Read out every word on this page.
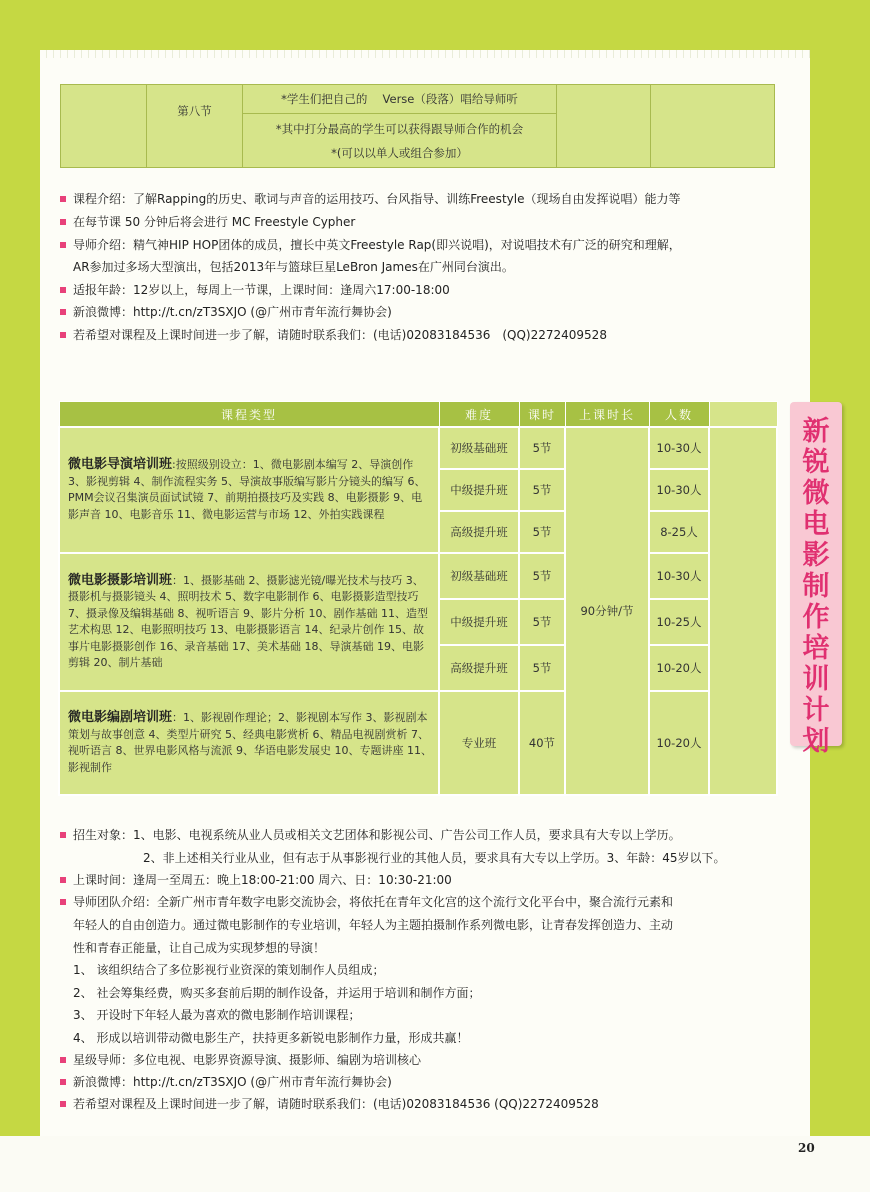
20
	第八节	*学生们把自己的　 Verse（段落）唱给导师听		

*其中打分最高的学生可以获得跟导师合作的机会
*(可以以单人或组合参加）
课程介绍：了解Rapping的历史、歌词与声音的运用技巧、台风指导、训练Freestyle（现场自由发挥说唱）能力等
在每节课 50 分钟后将会进行 MC Freestyle Cypher
导师介绍：精气神HIP HOP团体的成员，擅长中英文Freestyle Rap(即兴说唱)，对说唱技术有广泛的研究和理解，
AR参加过多场大型演出，包括2013年与篮球巨星LeBron James在广州同台演出。
适报年龄：12岁以上，每周上一节课，上课时间：逢周六17:00-18:00
新浪微博：http://t.cn/zT3SXJO (@广州市青年流行舞协会)
若希望对课程及上课时间进一步了解，请随时联系我们：(电话)02083184536　(QQ)2272409528
课程类型	难度	课时	上课时长	人数	
微电影导演培训班:按照级别设立：1、微电影剧本编写 2、导演创作 3、影视剪辑 4、制作流程实务 5、导演故事版编写影片分镜头的编写 6、PMM会议召集演员面试试镜 7、前期拍摄技巧及实践 8、电影摄影 9、电影声音 10、电影音乐 11、微电影运营与市场 12、外拍实践课程	初级基础班	5节	90分钟/节	10-30人	
	中级提升班	5节		10-30人	
	高级提升班	5节		8-25人	
微电影摄影培训班：1、摄影基础 2、摄影滤光镜/曝光技术与技巧 3、摄影机与摄影镜头 4、照明技术 5、数字电影制作 6、电影摄影造型技巧 7、摄录像及编辑基础 8、视听语言 9、影片分析 10、剧作基础 11、造型艺术构思 12、电影照明技巧 13、电影摄影语言 14、纪录片创作 15、故事片电影摄影创作 16、录音基础 17、美术基础 18、导演基础 19、电影剪辑 20、制片基础	初级基础班	5节		10-30人	
	中级提升班	5节		10-25人	
	高级提升班	5节		10-20人	
微电影编剧培训班：1、影视剧作理论；2、影视剧本写作 3、影视剧本策划与故事创意 4、类型片研究 5、经典电影赏析 6、精品电视剧赏析 7、视听语言 8、世界电影风格与流派 9、华语电影发展史 10、专题讲座 11、影视制作	专业班	40节		10-20人	
新
锐
微
电
影
制
作
培
训
计
划
招生对象：1、电影、电视系统从业人员或相关文艺团体和影视公司、广告公司工作人员，要求具有大专以上学历。
2、非上述相关行业从业，但有志于从事影视行业的其他人员，要求具有大专以上学历。3、年龄：45岁以下。
上课时间：逢周一至周五：晚上18:00-21:00 周六、日：10:30-21:00
导师团队介绍：全新广州市青年数字电影交流协会，将依托在青年文化宫的这个流行文化平台中，聚合流行元素和
年轻人的自由创造力。通过微电影制作的专业培训，年轻人为主题拍摄制作系列微电影，让青春发挥创造力、主动
性和青春正能量，让自己成为实现梦想的导演！
1、 该组织结合了多位影视行业资深的策划制作人员组成；
2、 社会筹集经费，购买多套前后期的制作设备，并运用于培训和制作方面；
3、 开设时下年轻人最为喜欢的微电影制作培训课程；
4、 形成以培训带动微电影生产，扶持更多新锐电影制作力量，形成共赢！
星级导师：多位电视、电影界资源导演、摄影师、编剧为培训核心
新浪微博：http://t.cn/zT3SXJO (@广州市青年流行舞协会)
若希望对课程及上课时间进一步了解，请随时联系我们：(电话)02083184536 (QQ)2272409528
